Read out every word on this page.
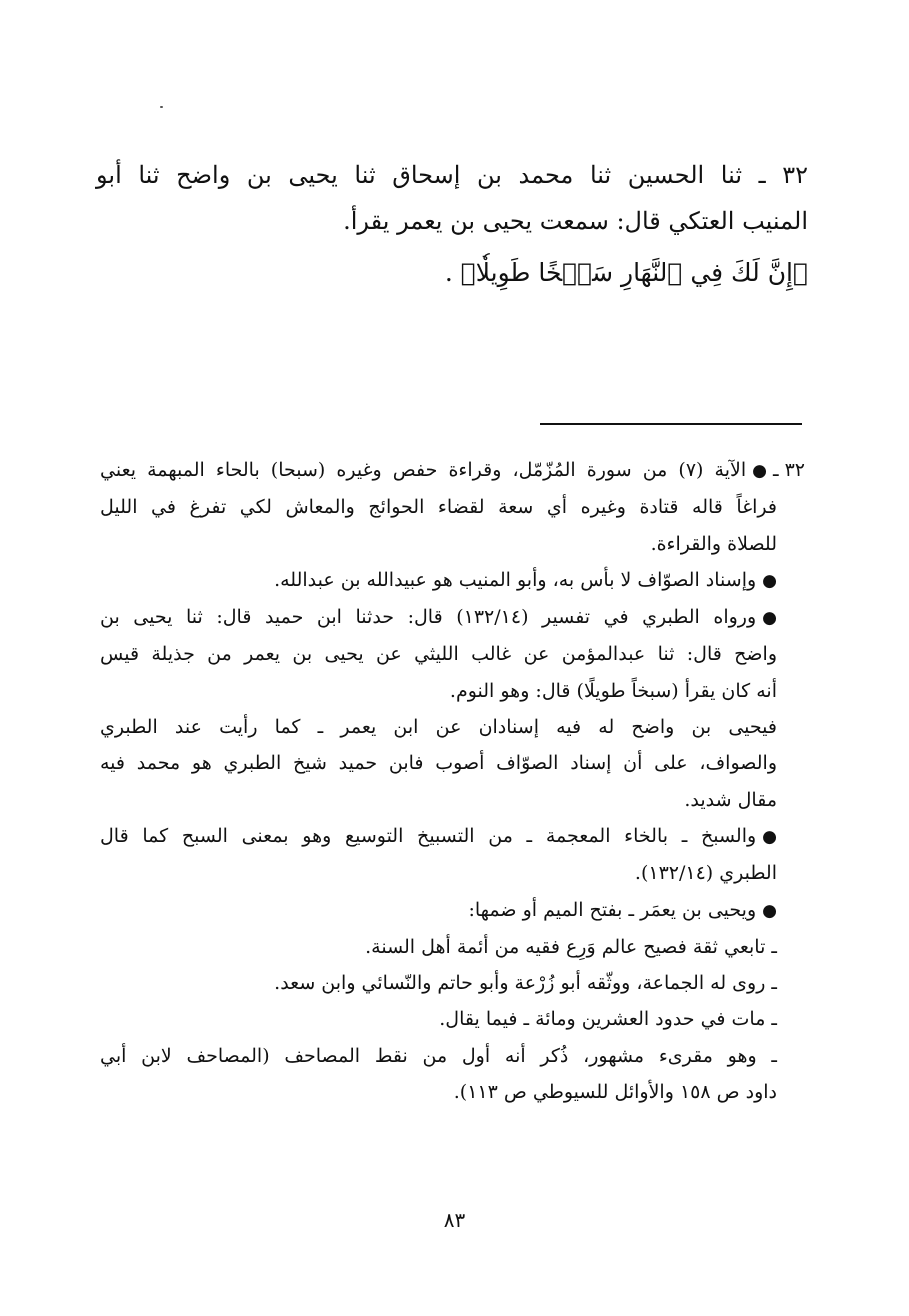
٣٢ ـ ثنا الحسين ثنا محمد بن إسحاق ثنا يحيى بن واضح ثنا أبو
المنيب العتكي قال: سمعت يحيى بن يعمر يقرأ.
﴿إِنَّ لَكَ فِي ٱلنَّهَارِ سَبۡخًا طَوِيلٗا﴾ .
٣٢ ـ●الآية (٧) من سورة المُزّمّل، وقراءة حفص وغيره (سبحا) بالحاء المبهمة يعني
فراغاً قاله قتادة وغيره أي سعة لقضاء الحوائج والمعاش لكي تفرغ في الليل
للصلاة والقراءة.
●وإسناد الصوّاف لا بأس به، وأبو المنيب هو عبيدالله بن عبدالله.
●ورواه الطبري في تفسير (١٣٢/١٤) قال: حدثنا ابن حميد قال: ثنا يحيى بن
واضح قال: ثنا عبدالمؤمن عن غالب الليثي عن يحيى بن يعمر من جذيلة قيس
أنه كان يقرأ (سبخاً طويلًا) قال: وهو النوم.
فيحيى بن واضح له فيه إسنادان عن ابن يعمر ـ كما رأيت عند الطبري
والصواف، على أن إسناد الصوّاف أصوب فابن حميد شيخ الطبري هو محمد فيه
مقال شديد.
●والسبخ ـ بالخاء المعجمة ـ من التسبيخ التوسيع وهو بمعنى السبح كما قال
الطبري (١٣٢/١٤).
●ويحيى بن يعمَر ـ بفتح الميم أو ضمها:
ـ تابعي ثقة فصيح عالم وَرِع فقيه من أئمة أهل السنة.
ـ روى له الجماعة، ووثّقه أبو زُرْعة وأبو حاتم والنّسائي وابن سعد.
ـ مات في حدود العشرين ومائة ـ فيما يقال.
ـ وهو مقرىء مشهور، ذُكر أنه أول من نقط المصاحف (المصاحف لابن أبي
داود ص ١٥٨ والأوائل للسيوطي ص ١١٣).
٨٣
